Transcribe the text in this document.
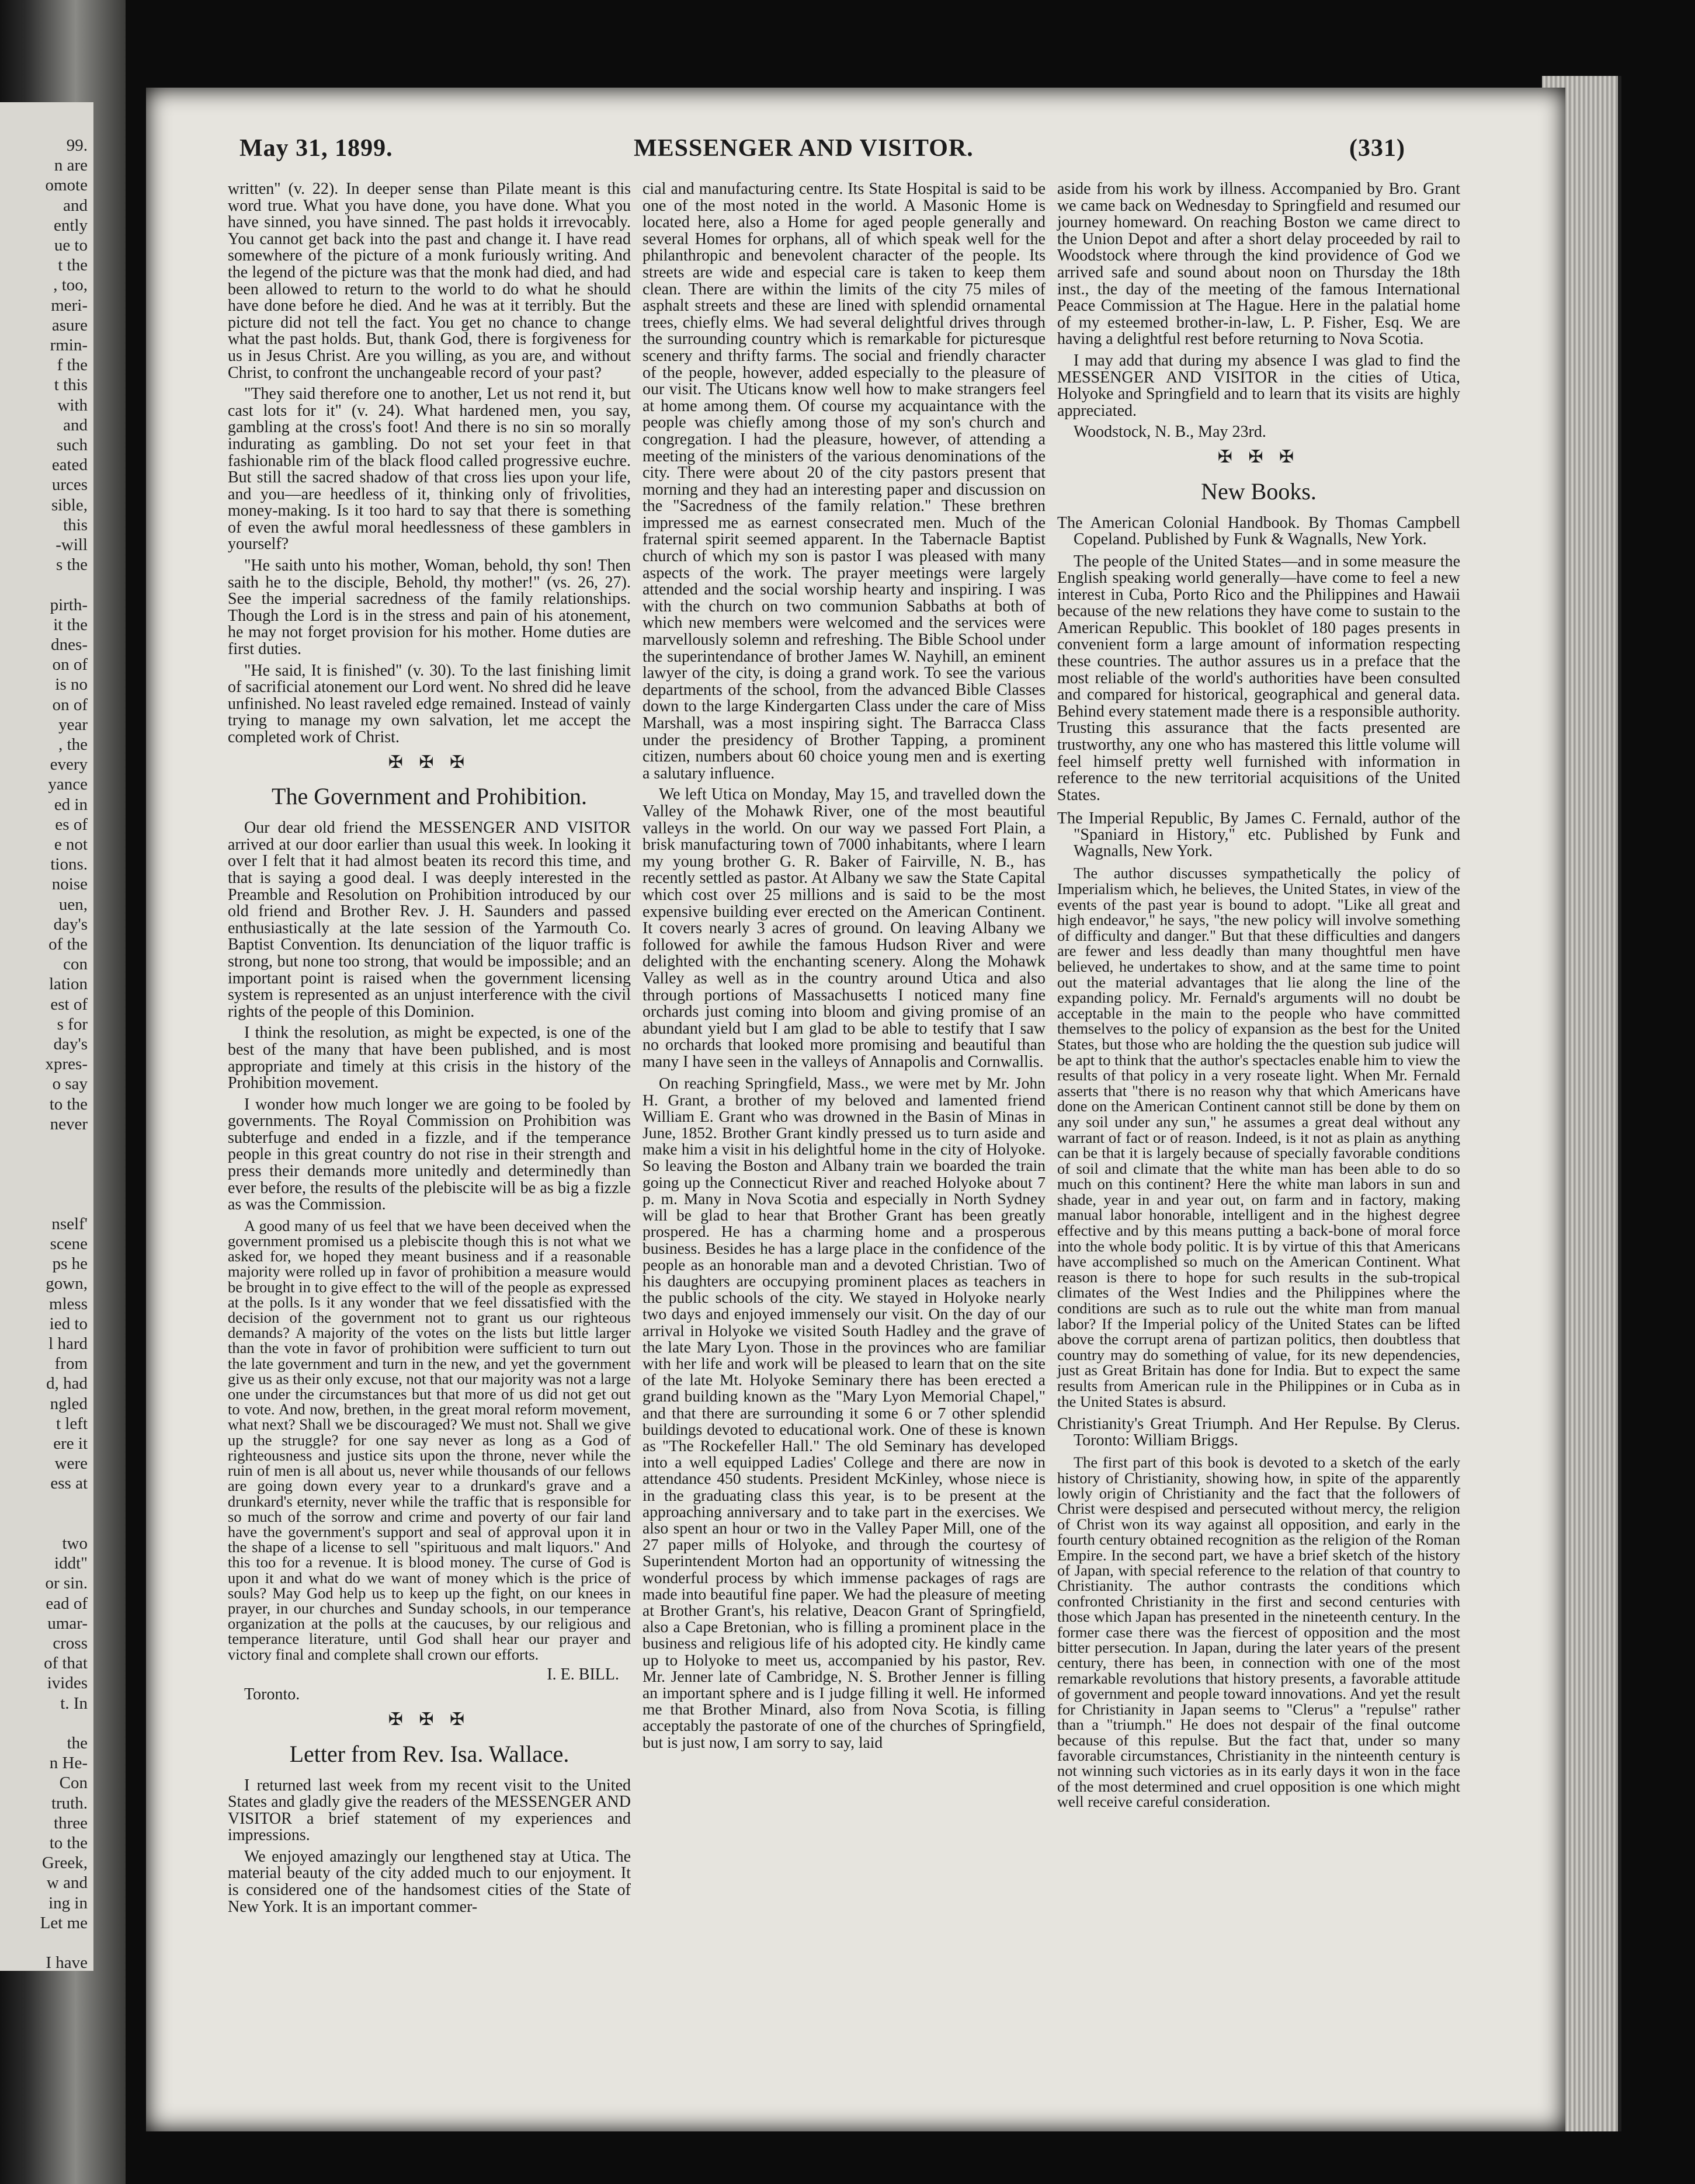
99.
n are
omote
and
ently
ue to
t the
, too,
meri-
asure
rmin-
f the
t this
with
and
such
eated
urces
sible,
this
-will
s the
pirth-
it the
dnes-
on of
is no
on of
year
, the
every
yance
ed in
es of
e not
tions.
noise
uen,
day's
of the
con
lation
est of
s for
day's
xpres-
o say
to the
never
nself'
scene
ps he
gown,
mless
ied to
l hard
from
d, had
ngled
t left
ere it
were
ess at
two
iddt"
or sin.
ead of
umar-
cross
of that
ivides
t. In
the
n He-
Con
truth.
three
to the
Greek,
w and
ing in
Let me
I have
May 31, 1899.	MESSENGER AND VISITOR.	(331)

written" (v. 22). In deeper sense than Pilate meant is this word true. What you have done, you have done. What you have sinned, you have sinned. The past holds it irrevocably. You cannot get back into the past and change it. I have read somewhere of the picture of a monk furiously writing. And the legend of the picture was that the monk had died, and had been allowed to return to the world to do what he should have done before he died. And he was at it terribly. But the picture did not tell the fact. You get no chance to change what the past holds. But, thank God, there is forgiveness for us in Jesus Christ. Are you willing, as you are, and without Christ, to confront the unchangeable record of your past?

"They said therefore one to another, Let us not rend it, but cast lots for it" (v. 24). What hardened men, you say, gambling at the cross's foot! And there is no sin so morally indurating as gambling. Do not set your feet in that fashionable rim of the black flood called progressive euchre. But still the sacred shadow of that cross lies upon your life, and you—are heedless of it, thinking only of frivolities, money-making. Is it too hard to say that there is something of even the awful moral heedlessness of these gamblers in yourself?

"He saith unto his mother, Woman, behold, thy son! Then saith he to the disciple, Behold, thy mother!" (vs. 26, 27). See the imperial sacredness of the family relationships. Though the Lord is in the stress and pain of his atonement, he may not forget provision for his mother. Home duties are first duties.

"He said, It is finished" (v. 30). To the last finishing limit of sacrificial atonement our Lord went. No shred did he leave unfinished. No least raveled edge remained. Instead of vainly trying to manage my own salvation, let me accept the completed work of Christ.

✠ ✠ ✠
The Government and Prohibition.

Our dear old friend the MESSENGER AND VISITOR arrived at our door earlier than usual this week. In looking it over I felt that it had almost beaten its record this time, and that is saying a good deal. I was deeply interested in the Preamble and Resolution on Prohibition introduced by our old friend and Brother Rev. J. H. Saunders and passed enthusiastically at the late session of the Yarmouth Co. Baptist Convention. Its denunciation of the liquor traffic is strong, but none too strong, that would be impossible; and an important point is raised when the government licensing system is represented as an unjust interference with the civil rights of the people of this Dominion.

I think the resolution, as might be expected, is one of the best of the many that have been published, and is most appropriate and timely at this crisis in the history of the Prohibition movement.

I wonder how much longer we are going to be fooled by governments. The Royal Commission on Prohibition was subterfuge and ended in a fizzle, and if the temperance people in this great country do not rise in their strength and press their demands more unitedly and determinedly than ever before, the results of the plebiscite will be as big a fizzle as was the Commission.

A good many of us feel that we have been deceived when the government promised us a plebiscite though this is not what we asked for, we hoped they meant business and if a reasonable majority were rolled up in favor of prohibition a measure would be brought in to give effect to the will of the people as expressed at the polls. Is it any wonder that we feel dissatisfied with the decision of the government not to grant us our righteous demands? A majority of the votes on the lists but little larger than the vote in favor of prohibition were sufficient to turn out the late government and turn in the new, and yet the government give us as their only excuse, not that our majority was not a large one under the circumstances but that more of us did not get out to vote. And now, brethen, in the great moral reform movement, what next? Shall we be discouraged? We must not. Shall we give up the struggle? for one say never as long as a God of righteousness and justice sits upon the throne, never while the ruin of men is all about us, never while thousands of our fellows are going down every year to a drunkard's grave and a drunkard's eternity, never while the traffic that is responsible for so much of the sorrow and crime and poverty of our fair land have the government's support and seal of approval upon it in the shape of a license to sell "spirituous and malt liquors." And this too for a revenue. It is blood money. The curse of God is upon it and what do we want of money which is the price of souls? May God help us to keep up the fight, on our knees in prayer, in our churches and Sunday schools, in our temperance organization at the polls at the caucuses, by our religious and temperance literature, until God shall hear our prayer and victory final and complete shall crown our efforts.

I. E. BILL.

Toronto.

✠ ✠ ✠
Letter from Rev. Isa. Wallace.

I returned last week from my recent visit to the United States and gladly give the readers of the MESSENGER AND VISITOR a brief statement of my experiences and impressions.

We enjoyed amazingly our lengthened stay at Utica. The material beauty of the city added much to our enjoyment. It is considered one of the handsomest cities of the State of New York. It is an important commer-

cial and manufacturing centre. Its State Hospital is said to be one of the most noted in the world. A Masonic Home is located here, also a Home for aged people generally and several Homes for orphans, all of which speak well for the philanthropic and benevolent character of the people. Its streets are wide and especial care is taken to keep them clean. There are within the limits of the city 75 miles of asphalt streets and these are lined with splendid ornamental trees, chiefly elms. We had several delightful drives through the surrounding country which is remarkable for picturesque scenery and thrifty farms. The social and friendly character of the people, however, added especially to the pleasure of our visit. The Uticans know well how to make strangers feel at home among them. Of course my acquaintance with the people was chiefly among those of my son's church and congregation. I had the pleasure, however, of attending a meeting of the ministers of the various denominations of the city. There were about 20 of the city pastors present that morning and they had an interesting paper and discussion on the "Sacredness of the family relation." These brethren impressed me as earnest consecrated men. Much of the fraternal spirit seemed apparent. In the Tabernacle Baptist church of which my son is pastor I was pleased with many aspects of the work. The prayer meetings were largely attended and the social worship hearty and inspiring. I was with the church on two communion Sabbaths at both of which new members were welcomed and the services were marvellously solemn and refreshing. The Bible School under the superintendance of brother James W. Nayhill, an eminent lawyer of the city, is doing a grand work. To see the various departments of the school, from the advanced Bible Classes down to the large Kindergarten Class under the care of Miss Marshall, was a most inspiring sight. The Barracca Class under the presidency of Brother Tapping, a prominent citizen, numbers about 60 choice young men and is exerting a salutary influence.

We left Utica on Monday, May 15, and travelled down the Valley of the Mohawk River, one of the most beautiful valleys in the world. On our way we passed Fort Plain, a brisk manufacturing town of 7000 inhabitants, where I learn my young brother G. R. Baker of Fairville, N. B., has recently settled as pastor. At Albany we saw the State Capital which cost over 25 millions and is said to be the most expensive building ever erected on the American Continent. It covers nearly 3 acres of ground. On leaving Albany we followed for awhile the famous Hudson River and were delighted with the enchanting scenery. Along the Mohawk Valley as well as in the country around Utica and also through portions of Massachusetts I noticed many fine orchards just coming into bloom and giving promise of an abundant yield but I am glad to be able to testify that I saw no orchards that looked more promising and beautiful than many I have seen in the valleys of Annapolis and Cornwallis.

On reaching Springfield, Mass., we were met by Mr. John H. Grant, a brother of my beloved and lamented friend William E. Grant who was drowned in the Basin of Minas in June, 1852. Brother Grant kindly pressed us to turn aside and make him a visit in his delightful home in the city of Holyoke. So leaving the Boston and Albany train we boarded the train going up the Connecticut River and reached Holyoke about 7 p. m. Many in Nova Scotia and especially in North Sydney will be glad to hear that Brother Grant has been greatly prospered. He has a charming home and a prosperous business. Besides he has a large place in the confidence of the people as an honorable man and a devoted Christian. Two of his daughters are occupying prominent places as teachers in the public schools of the city. We stayed in Holyoke nearly two days and enjoyed immensely our visit. On the day of our arrival in Holyoke we visited South Hadley and the grave of the late Mary Lyon. Those in the provinces who are familiar with her life and work will be pleased to learn that on the site of the late Mt. Holyoke Seminary there has been erected a grand building known as the "Mary Lyon Memorial Chapel," and that there are surrounding it some 6 or 7 other splendid buildings devoted to educational work. One of these is known as "The Rockefeller Hall." The old Seminary has developed into a well equipped Ladies' College and there are now in attendance 450 students. President McKinley, whose niece is in the graduating class this year, is to be present at the approaching anniversary and to take part in the exercises. We also spent an hour or two in the Valley Paper Mill, one of the 27 paper mills of Holyoke, and through the courtesy of Superintendent Morton had an opportunity of witnessing the wonderful process by which immense packages of rags are made into beautiful fine paper. We had the pleasure of meeting at Brother Grant's, his relative, Deacon Grant of Springfield, also a Cape Bretonian, who is filling a prominent place in the business and religious life of his adopted city. He kindly came up to Holyoke to meet us, accompanied by his pastor, Rev. Mr. Jenner late of Cambridge, N. S. Brother Jenner is filling an important sphere and is I judge filling it well. He informed me that Brother Minard, also from Nova Scotia, is filling acceptably the pastorate of one of the churches of Springfield, but is just now, I am sorry to say, laid

aside from his work by illness. Accompanied by Bro. Grant we came back on Wednesday to Springfield and resumed our journey homeward. On reaching Boston we came direct to the Union Depot and after a short delay proceeded by rail to Woodstock where through the kind providence of God we arrived safe and sound about noon on Thursday the 18th inst., the day of the meeting of the famous International Peace Commission at The Hague. Here in the palatial home of my esteemed brother-in-law, L. P. Fisher, Esq. We are having a delightful rest before returning to Nova Scotia.

I may add that during my absence I was glad to find the MESSENGER AND VISITOR in the cities of Utica, Holyoke and Springfield and to learn that its visits are highly appreciated.

Woodstock, N. B., May 23rd.

✠ ✠ ✠
New Books.
The American Colonial Handbook. By Thomas Campbell Copeland. Published by Funk & Wagnalls, New York.

The people of the United States—and in some measure the English speaking world generally—have come to feel a new interest in Cuba, Porto Rico and the Philippines and Hawaii because of the new relations they have come to sustain to the American Republic. This booklet of 180 pages presents in convenient form a large amount of information respecting these countries. The author assures us in a preface that the most reliable of the world's authorities have been consulted and compared for historical, geographical and general data. Behind every statement made there is a responsible authority. Trusting this assurance that the facts presented are trustworthy, any one who has mastered this little volume will feel himself pretty well furnished with information in reference to the new territorial acquisitions of the United States.

The Imperial Republic, By James C. Fernald, author of the "Spaniard in History," etc. Published by Funk and Wagnalls, New York.

The author discusses sympathetically the policy of Imperialism which, he believes, the United States, in view of the events of the past year is bound to adopt. "Like all great and high endeavor," he says, "the new policy will involve something of difficulty and danger." But that these difficulties and dangers are fewer and less deadly than many thoughtful men have believed, he undertakes to show, and at the same time to point out the material advantages that lie along the line of the expanding policy. Mr. Fernald's arguments will no doubt be acceptable in the main to the people who have committed themselves to the policy of expansion as the best for the United States, but those who are holding the the question sub judice will be apt to think that the author's spectacles enable him to view the results of that policy in a very roseate light. When Mr. Fernald asserts that "there is no reason why that which Americans have done on the American Continent cannot still be done by them on any soil under any sun," he assumes a great deal without any warrant of fact or of reason. Indeed, is it not as plain as anything can be that it is largely because of specially favorable conditions of soil and climate that the white man has been able to do so much on this continent? Here the white man labors in sun and shade, year in and year out, on farm and in factory, making manual labor honorable, intelligent and in the highest degree effective and by this means putting a back-bone of moral force into the whole body politic. It is by virtue of this that Americans have accomplished so much on the American Continent. What reason is there to hope for such results in the sub-tropical climates of the West Indies and the Philippines where the conditions are such as to rule out the white man from manual labor? If the Imperial policy of the United States can be lifted above the corrupt arena of partizan politics, then doubtless that country may do something of value, for its new dependencies, just as Great Britain has done for India. But to expect the same results from American rule in the Philippines or in Cuba as in the United States is absurd.

Christianity's Great Triumph. And Her Repulse. By Clerus. Toronto: William Briggs.

The first part of this book is devoted to a sketch of the early history of Christianity, showing how, in spite of the apparently lowly origin of Christianity and the fact that the followers of Christ were despised and persecuted without mercy, the religion of Christ won its way against all opposition, and early in the fourth century obtained recognition as the religion of the Roman Empire. In the second part, we have a brief sketch of the history of Japan, with special reference to the relation of that country to Christianity. The author contrasts the conditions which confronted Christianity in the first and second centuries with those which Japan has presented in the nineteenth century. In the former case there was the fiercest of opposition and the most bitter persecution. In Japan, during the later years of the present century, there has been, in connection with one of the most remarkable revolutions that history presents, a favorable attitude of government and people toward innovations. And yet the result for Christianity in Japan seems to "Clerus" a "repulse" rather than a "triumph." He does not despair of the final outcome because of this repulse. But the fact that, under so many favorable circumstances, Christianity in the ninteenth century is not winning such victories as in its early days it won in the face of the most determined and cruel opposition is one which might well receive careful consideration.
